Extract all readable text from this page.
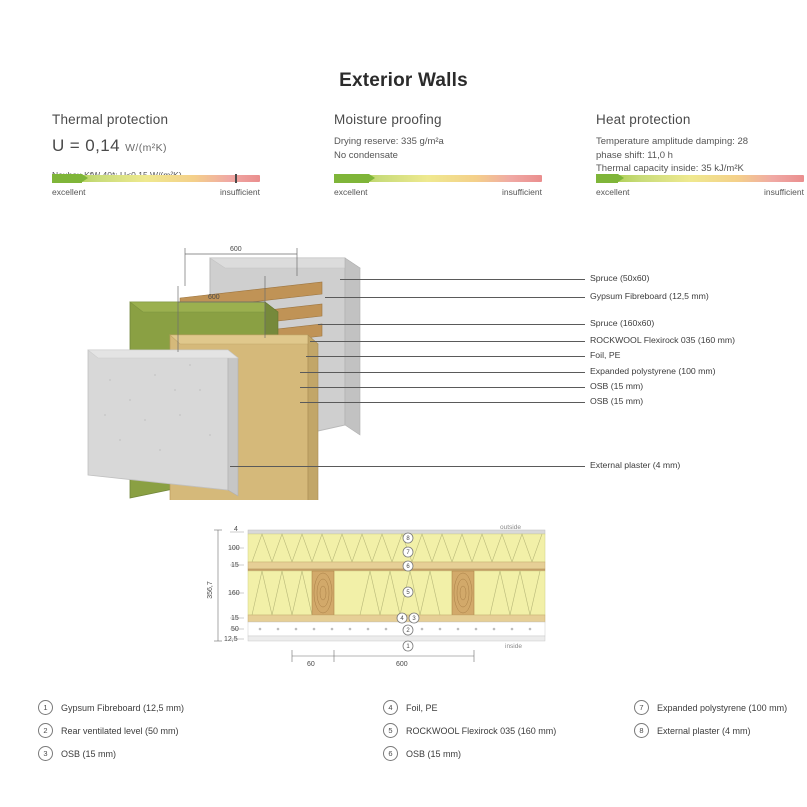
Exterior Walls
Thermal protection
U = 0,14 W/(m²K)
excellent	insufficient
Moisture proofing
Drying reserve: 335 g/m²a
No condensate
excellent	insufficient
Heat protection
Temperature amplitude damping: 28
phase shift: 11,0 h
Thermal capacity inside: 35 kJ/m²K
excellent	insufficient
600
600
Spruce (50x60)
Gypsum Fibreboard (12,5 mm)
Spruce (160x60)
ROCKWOOL Flexirock 035 (160 mm)
Foil, PE
Expanded polystyrene (100 mm)
OSB (15 mm)
OSB (15 mm)
External plaster (4 mm)
356,7
4
100
15
160
15
50
12,5
60	600
outside
inside
8
7
6
5
4 3
2
1
1	Gypsum Fibreboard (12,5 mm)
2	Rear ventilated level (50 mm)
3	OSB (15 mm)
4	Foil, PE
5	ROCKWOOL Flexirock 035 (160 mm)
6	OSB (15 mm)
7	Expanded polystyrene (100 mm)
8	External plaster (4 mm)
